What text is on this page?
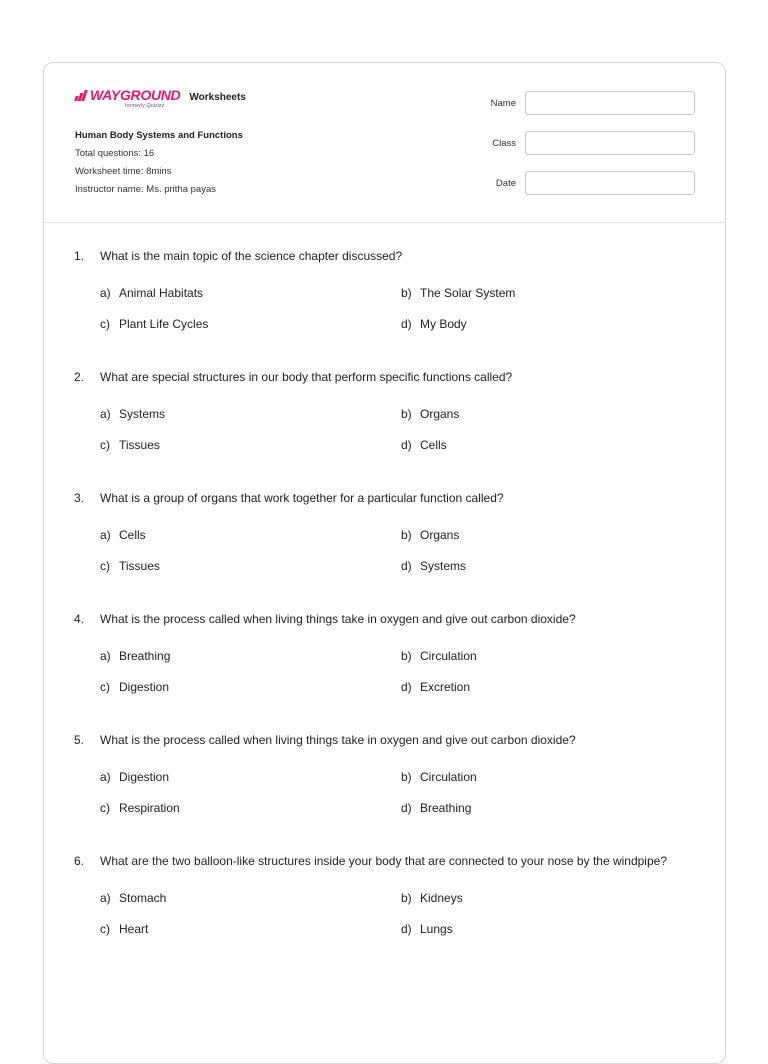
WAYGROUND
formerly Quizizz
Worksheets
Human Body Systems and Functions
Total questions: 16
Worksheet time: 8mins
Instructor name: Ms. pritha payas
Name
Class
Date
1.	What is the main topic of the science chapter discussed?
a) Animal Habitats	b) The Solar System
c) Plant Life Cycles	d) My Body
2.	What are special structures in our body that perform specific functions called?
a) Systems	b) Organs
c) Tissues	d) Cells
3.	What is a group of organs that work together for a particular function called?
a) Cells	b) Organs
c) Tissues	d) Systems
4.	What is the process called when living things take in oxygen and give out carbon dioxide?
a) Breathing	b) Circulation
c) Digestion	d) Excretion
5.	What is the process called when living things take in oxygen and give out carbon dioxide?
a) Digestion	b) Circulation
c) Respiration	d) Breathing
6.	What are the two balloon-like structures inside your body that are connected to your nose by the windpipe?
a) Stomach	b) Kidneys
c) Heart	d) Lungs
